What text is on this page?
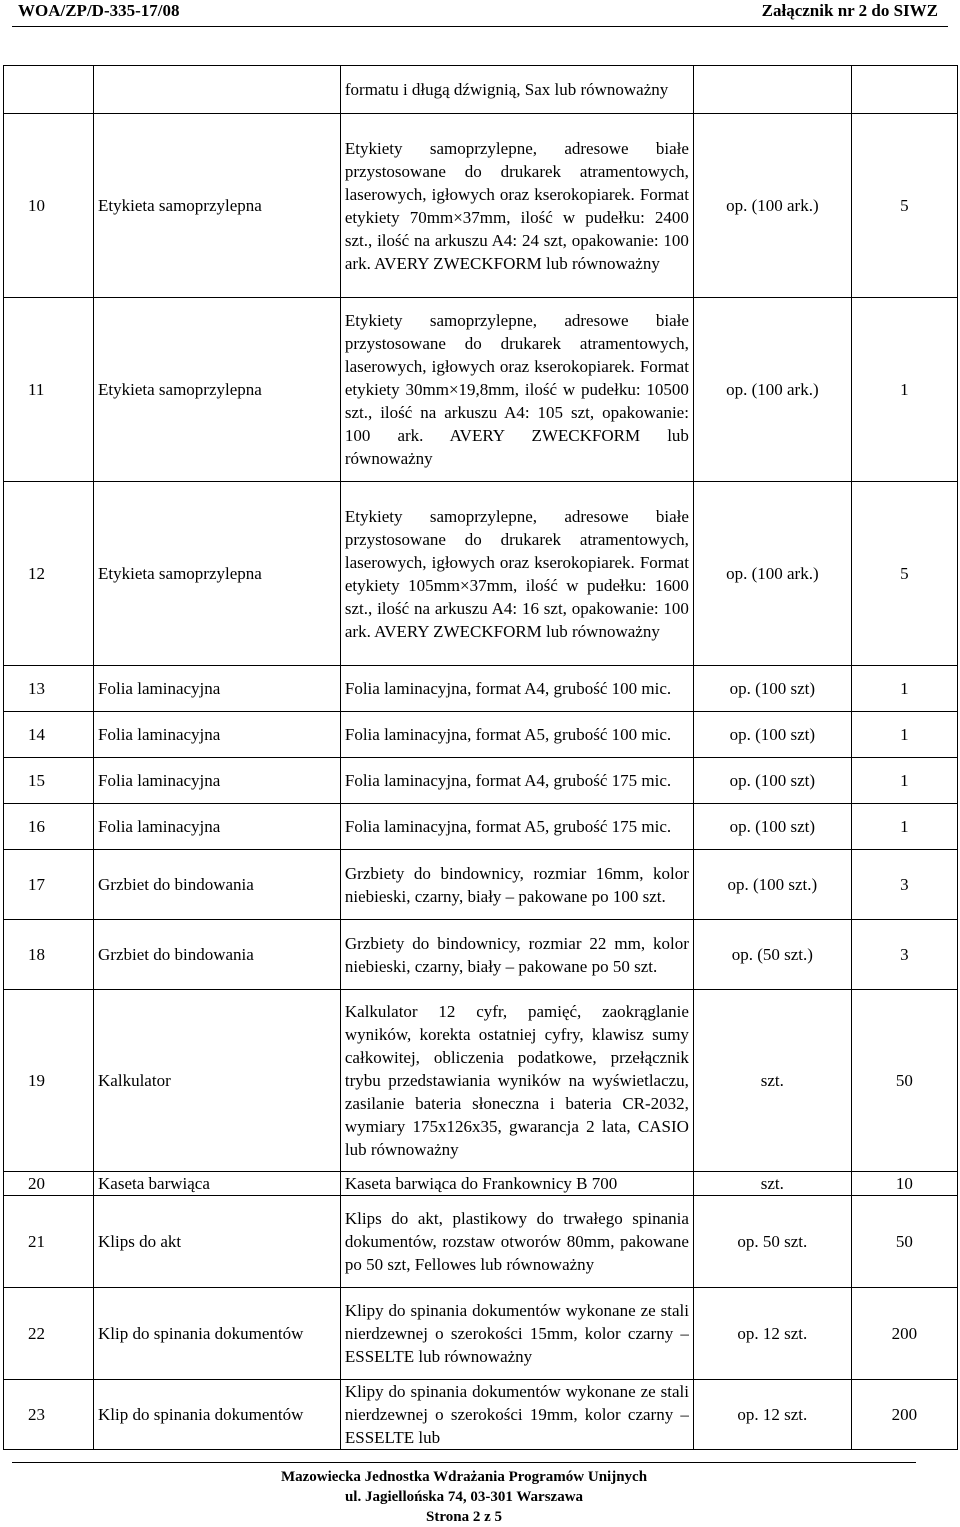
WOA/ZP/D-335-17/08	Załącznik nr 2 do SIWZ
		formatu i długą dźwignią, Sax lub równoważny		
10	Etykieta samoprzylepna	Etykiety samoprzylepne, adresowe białe przystosowane do drukarek atramentowych, laserowych, igłowych oraz kserokopiarek. Format etykiety 70mm×37mm, ilość w pudełku: 2400 szt., ilość na arkuszu A4: 24 szt, opakowanie: 100 ark. AVERY ZWECKFORM lub równoważny	op. (100 ark.)	5
11	Etykieta samoprzylepna	Etykiety samoprzylepne, adresowe białe przystosowane do drukarek atramentowych, laserowych, igłowych oraz kserokopiarek. Format etykiety 30mm×19,8mm, ilość w pudełku: 10500 szt., ilość na arkuszu A4: 105 szt, opakowanie: 100 ark. AVERY ZWECKFORM lub równoważny	op. (100 ark.)	1
12	Etykieta samoprzylepna	Etykiety samoprzylepne, adresowe białe przystosowane do drukarek atramentowych, laserowych, igłowych oraz kserokopiarek. Format etykiety 105mm×37mm, ilość w pudełku: 1600 szt., ilość na arkuszu A4: 16 szt, opakowanie: 100 ark. AVERY ZWECKFORM lub równoważny	op. (100 ark.)	5
13	Folia laminacyjna	Folia laminacyjna, format A4, grubość 100 mic.	op. (100 szt)	1
14	Folia laminacyjna	Folia laminacyjna, format A5, grubość 100 mic.	op. (100 szt)	1
15	Folia laminacyjna	Folia laminacyjna, format A4, grubość 175 mic.	op. (100 szt)	1
16	Folia laminacyjna	Folia laminacyjna, format A5, grubość 175 mic.	op. (100 szt)	1
17	Grzbiet do bindowania	Grzbiety do bindownicy, rozmiar 16mm, kolor niebieski, czarny, biały – pakowane po 100 szt.	op. (100 szt.)	3
18	Grzbiet do bindowania	Grzbiety do bindownicy, rozmiar 22 mm, kolor niebieski, czarny, biały – pakowane po 50 szt.	op. (50 szt.)	3
19	Kalkulator	Kalkulator 12 cyfr, pamięć, zaokrąglanie wyników, korekta ostatniej cyfry, klawisz sumy całkowitej, obliczenia podatkowe, przełącznik trybu przedstawiania wyników na wyświetlaczu, zasilanie bateria słoneczna i bateria CR-2032, wymiary 175x126x35, gwarancja 2 lata, CASIO lub równoważny	szt.	50
20	Kaseta barwiąca	Kaseta barwiąca do Frankownicy B 700	szt.	10
21	Klips do akt	Klips do akt, plastikowy do trwałego spinania dokumentów, rozstaw otworów 80mm, pakowane po 50 szt, Fellowes lub równoważny	op. 50 szt.	50
22	Klip do spinania dokumentów	Klipy do spinania dokumentów wykonane ze stali nierdzewnej o szerokości 15mm, kolor czarny – ESSELTE lub równoważny	op. 12 szt.	200
23	Klip do spinania dokumentów	Klipy do spinania dokumentów wykonane ze stali nierdzewnej o szerokości 19mm, kolor czarny – ESSELTE lub	op. 12 szt.	200
Mazowiecka Jednostka Wdrażania Programów Unijnych
ul. Jagiellońska 74, 03-301 Warszawa
Strona 2 z 5
